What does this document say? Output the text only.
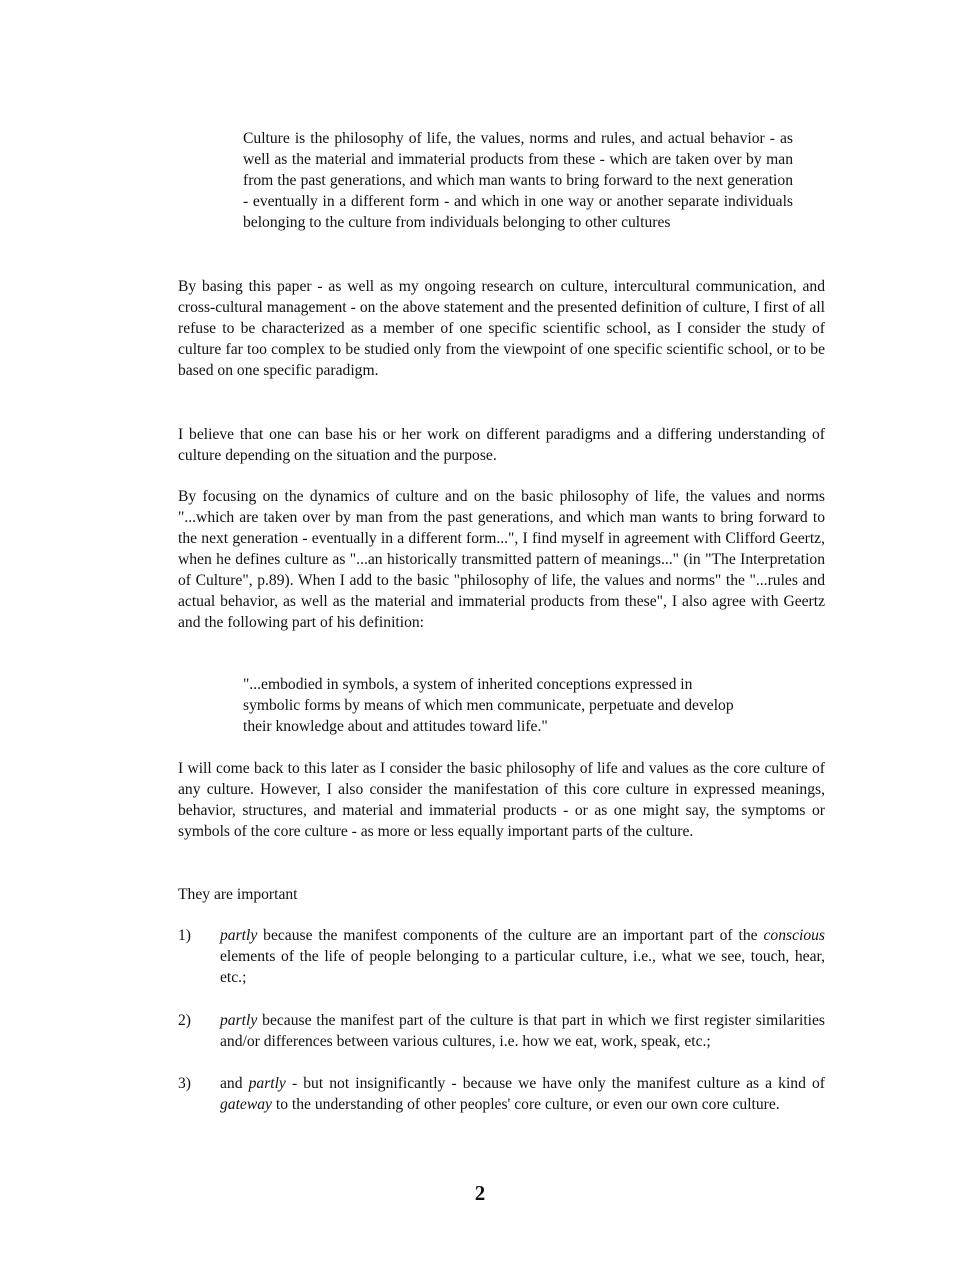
Culture is the philosophy of life, the values, norms and rules, and actual behavior - as well as the material and immaterial products from these - which are taken over by man from the past generations, and which man wants to bring forward to the next generation - eventually in a different form - and which in one way or another separate individuals belonging to the culture from individuals belonging to other cultures

By basing this paper - as well as my ongoing research on culture, intercultural communication, and cross-cultural management - on the above statement and the presented definition of culture, I first of all refuse to be characterized as a member of one specific scientific school, as I consider the study of culture far too complex to be studied only from the viewpoint of one specific scientific school, or to be based on one specific paradigm.

I believe that one can base his or her work on different paradigms and a differing understanding of culture depending on the situation and the purpose.

By focusing on the dynamics of culture and on the basic philosophy of life, the values and norms "...which are taken over by man from the past generations, and which man wants to bring forward to the next generation - eventually in a different form...", I find myself in agreement with Clifford Geertz, when he defines culture as "...an historically transmitted pattern of meanings..." (in "The Interpretation of Culture", p.89). When I add to the basic "philosophy of life, the values and norms" the "...rules and actual behavior, as well as the material and immaterial products from these", I also agree with Geertz and the following part of his definition:

"...embodied in symbols, a system of inherited conceptions expressed in symbolic forms by means of which men communicate, perpetuate and develop their knowledge about and attitudes toward life."

I will come back to this later as I consider the basic philosophy of life and values as the core culture of any culture. However, I also consider the manifestation of this core culture in expressed meanings, behavior, structures, and material and immaterial products - or as one might say, the symptoms or symbols of the core culture - as more or less equally important parts of the culture.

They are important

1) partly because the manifest components of the culture are an important part of the conscious elements of the life of people belonging to a particular culture, i.e., what we see, touch, hear, etc.;

2) partly because the manifest part of the culture is that part in which we first register similarities and/or differences between various cultures, i.e. how we eat, work, speak, etc.;

3) and partly - but not insignificantly - because we have only the manifest culture as a kind of gateway to the understanding of other peoples' core culture, or even our own core culture.

2
